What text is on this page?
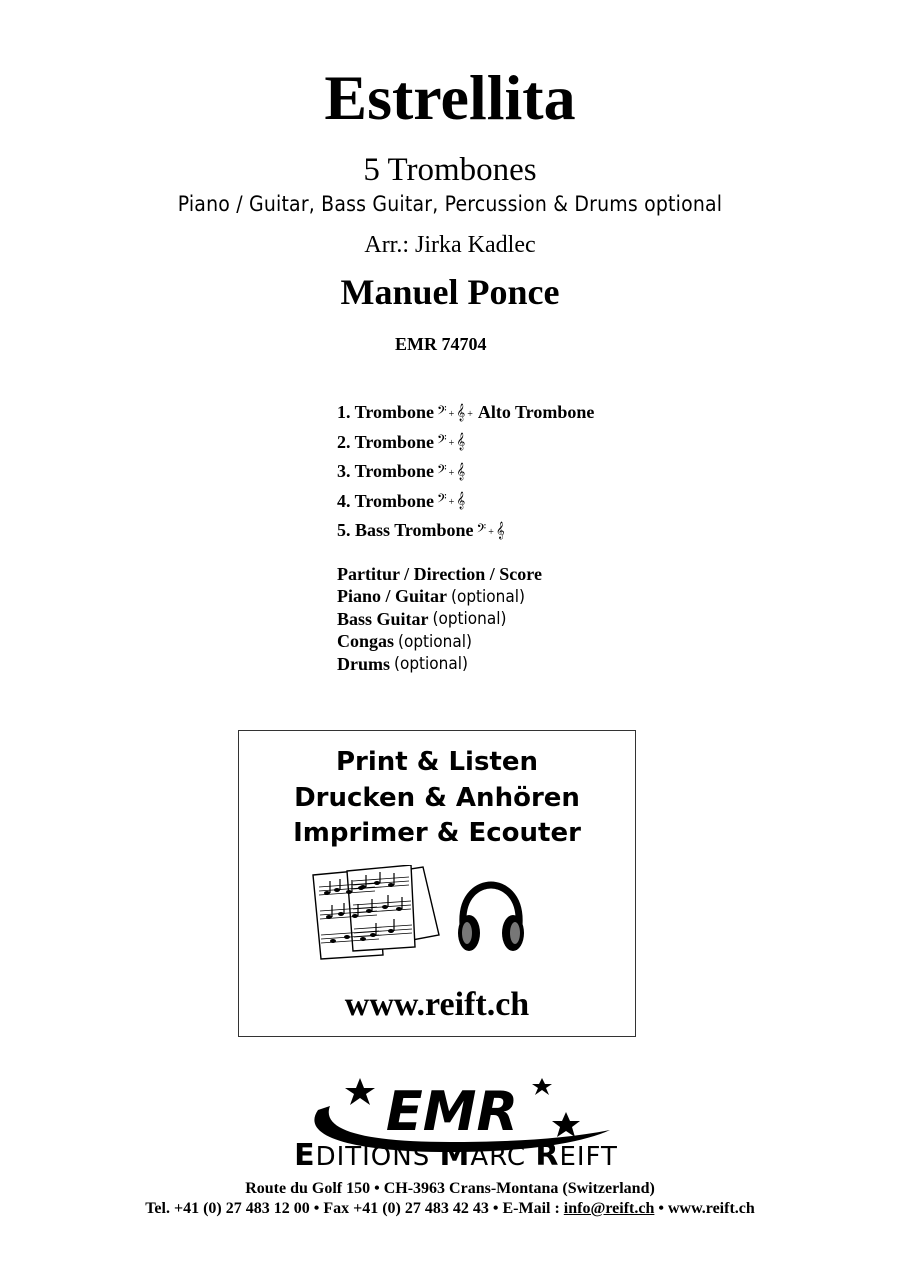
Estrellita
5 Trombones
Piano / Guitar, Bass Guitar, Percussion & Drums optional
Arr.: Jirka Kadlec
Manuel Ponce
EMR 74704
1. Trombone 𝄢 + 𝄞 + Alto Trombone
2. Trombone 𝄢 + 𝄞
3. Trombone 𝄢 + 𝄞
4. Trombone 𝄢 + 𝄞
5. Bass Trombone 𝄢 + 𝄞
Partitur / Direction / Score
Piano / Guitar (optional)
Bass Guitar (optional)
Congas (optional)
Drums (optional)
Print & Listen
Drucken & Anhören
Imprimer & Ecouter
www.reift.ch
EMR
EDITIONS MARC REIFT
Route du Golf 150 • CH-3963 Crans-Montana (Switzerland)
Tel. +41 (0) 27 483 12 00 • Fax +41 (0) 27 483 42 43 • E-Mail : info@reift.ch • www.reift.ch
